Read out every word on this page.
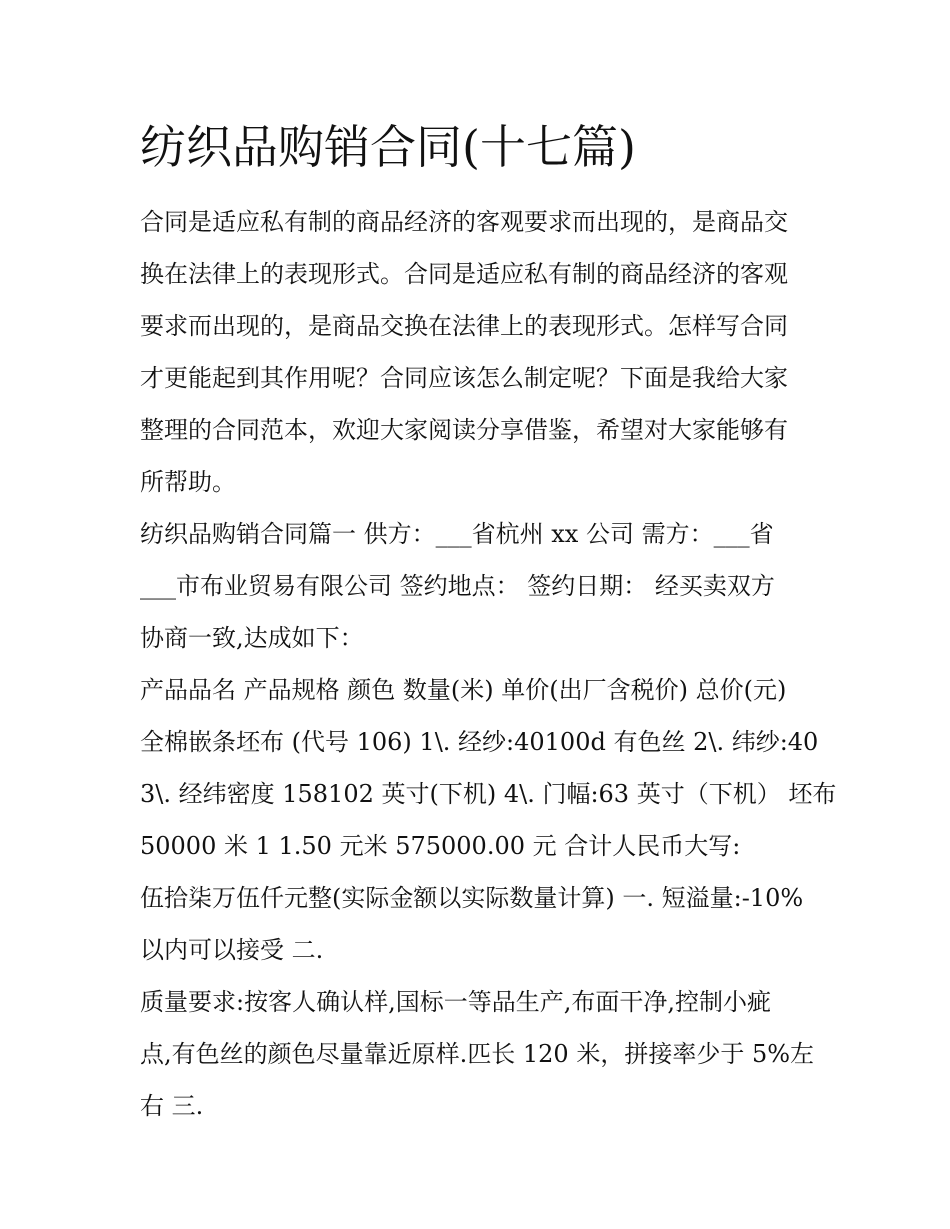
纺织品购销合同(十七篇)

合同是适应私有制的商品经济的客观要求而出现的，是商品交
换在法律上的表现形式。合同是适应私有制的商品经济的客观
要求而出现的，是商品交换在法律上的表现形式。怎样写合同
才更能起到其作用呢？合同应该怎么制定呢？下面是我给大家
整理的合同范本，欢迎大家阅读分享借鉴，希望对大家能够有
所帮助。

纺织品购销合同篇一 供方：___省杭州 xx 公司 需方：___省
___市布业贸易有限公司 签约地点： 签约日期： 经买卖双方
协商一致,达成如下：

产品品名 产品规格 颜色 数量(米) 单价(出厂含税价) 总价(元)
全棉嵌条坯布 (代号 106) 1\. 经纱:40100d 有色丝 2\. 纬纱:40
3\. 经纬密度 158102 英寸(下机) 4\. 门幅:63 英寸（下机） 坯布
50000 米 1 1.50 元米 575000.00 元 合计人民币大写:

伍拾柒万伍仟元整(实际金额以实际数量计算) 一. 短溢量:-10%
以内可以接受 二.

质量要求:按客人确认样,国标一等品生产,布面干净,控制小疵
点,有色丝的颜色尽量靠近原样.匹长 120 米，拼接率少于 5%左
右 三.
